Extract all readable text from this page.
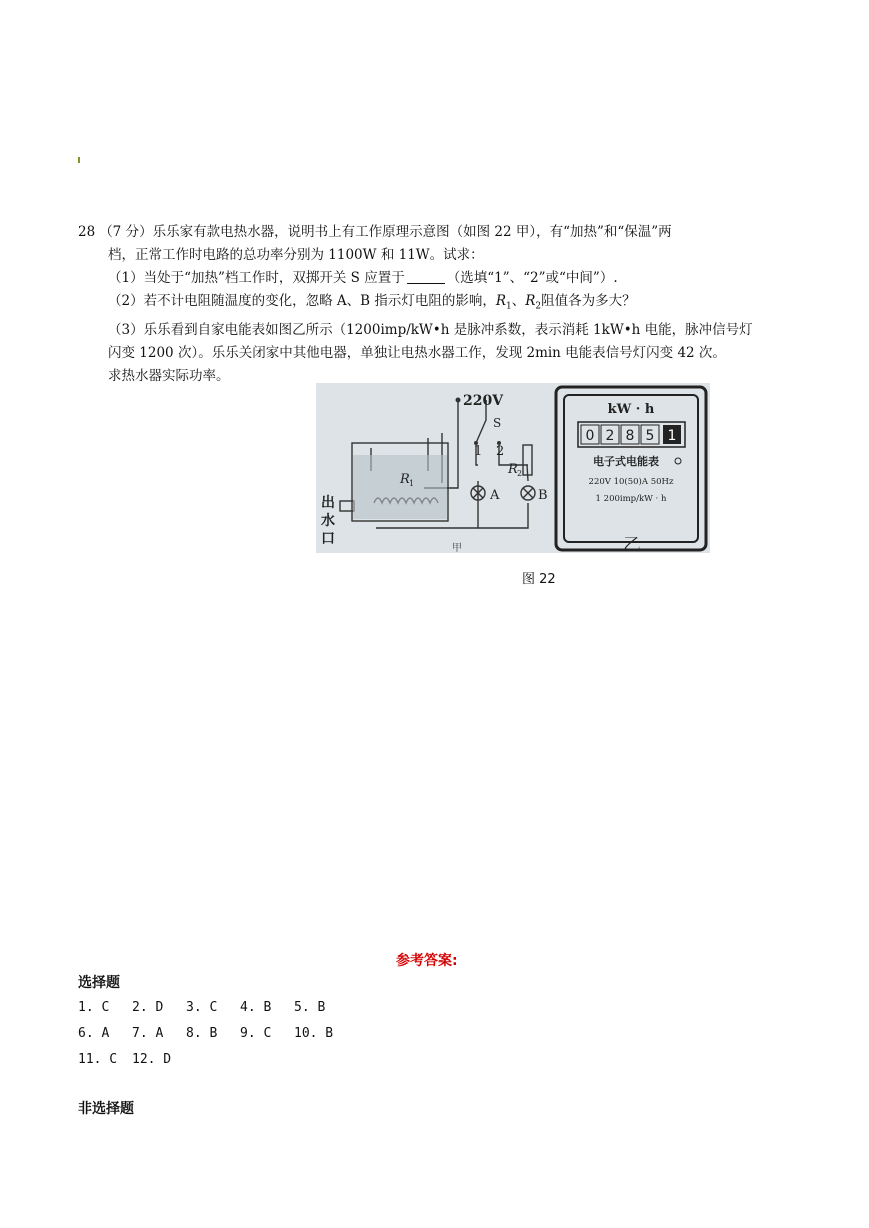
28 （7 分）乐乐家有款电热水器，说明书上有工作原理示意图（如图 22 甲），有“加热”和“保温”两
档，正常工作时电路的总功率分别为 1100W 和 11W。试求：
（1）当处于“加热”档工作时，双掷开关 S 应置于	（选填“1”、“2”或“中间”）.
（2）若不计电阻随温度的变化，忽略 A、B 指示灯电阻的影响，$R_1$、$R_2$阻值各为多大？
（3）乐乐看到自家电能表如图乙所示（1200imp/kW•h 是脉冲系数，表示消耗 1kW•h 电能，脉冲信号灯
闪变 1200 次）。乐乐关闭家中其他电器，单独让电热水器工作，发现 2min 电能表信号灯闪变 42 次。
求热水器实际功率。
220V
S
1 2
R 2
R 1
A	B
出
水
口
甲
kW · h
0 2 8 5 1
电子式电能表
220V 10(50)A 50Hz
1 200imp/kW · h
乙
图 22
参考答案:
选择题
1. C 2. D 3. C 4. B 5. B
6. A 7. A 8. B 9. C 10. B
11. C 12. D
非选择题
